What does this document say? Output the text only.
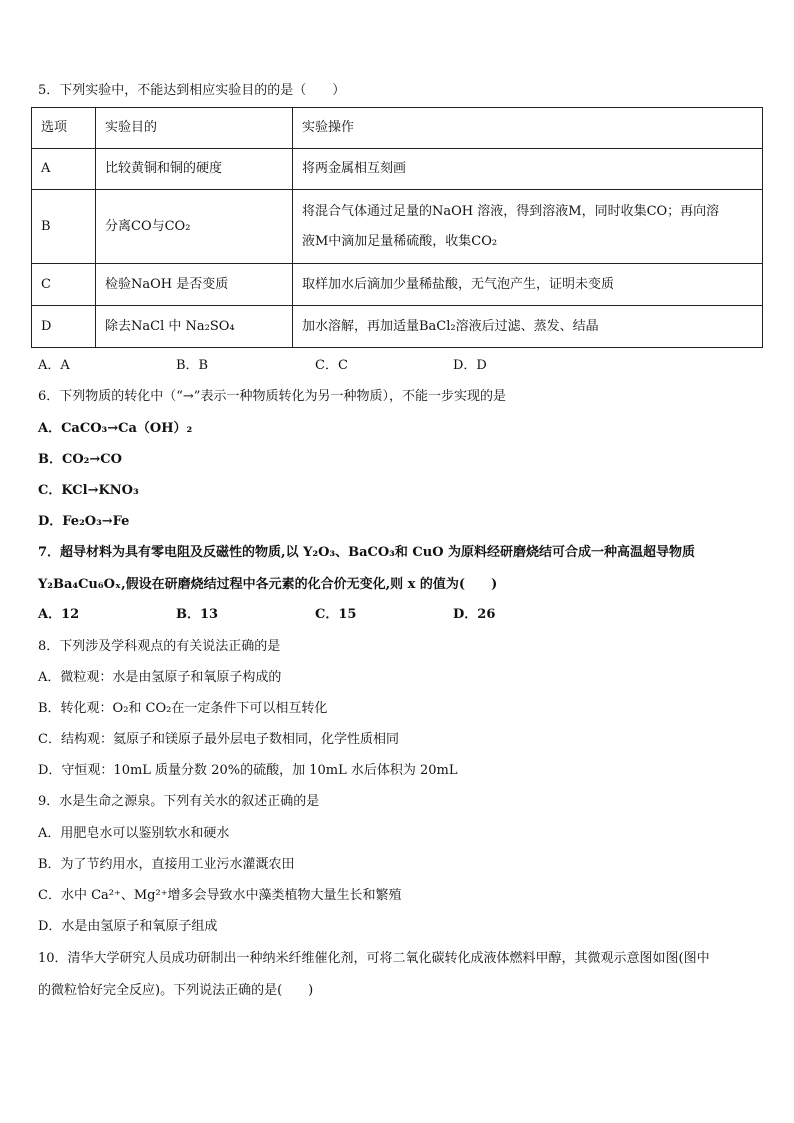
5．下列实验中，不能达到相应实验目的的是（　　）
选项	实验目的	实验操作
A	比较黄铜和铜的硬度	将两金属相互刻画
B	分离CO与CO₂	将混合气体通过足量的NaOH 溶液，得到溶液M，同时收集CO；再向溶
液M中滴加足量稀硫酸，收集CO₂

C	检验NaOH 是否变质	取样加水后滴加少量稀盐酸，无气泡产生，证明未变质
D	除去NaCl 中 Na₂SO₄	加水溶解，再加适量BaCl₂溶液后过滤、蒸发、结晶
A．A	B．B	C．C	D．D
6．下列物质的转化中（“→”表示一种物质转化为另一种物质），不能一步实现的是
A．CaCO₃→Ca（OH）₂
B．CO₂→CO
C．KCl→KNO₃
D．Fe₂O₃→Fe
7．超导材料为具有零电阻及反磁性的物质,以 Y₂O₃、BaCO₃和 CuO 为原料经研磨烧结可合成一种高温超导物质
Y₂Ba₄Cu₆Oₓ,假设在研磨烧结过程中各元素的化合价无变化,则 x 的值为(　　)
A．12	B．13	C．15	D．26
8．下列涉及学科观点的有关说法正确的是
A．微粒观：水是由氢原子和氧原子构成的
B．转化观：O₂和 CO₂在一定条件下可以相互转化
C．结构观：氦原子和镁原子最外层电子数相同，化学性质相同
D．守恒观：10mL 质量分数 20%的硫酸，加 10mL 水后体积为 20mL
9．水是生命之源泉。下列有关水的叙述正确的是
A．用肥皂水可以鉴别软水和硬水
B．为了节约用水，直接用工业污水灌溉农田
C．水中 Ca²⁺、Mg²⁺增多会导致水中藻类植物大量生长和繁殖
D．水是由氢原子和氧原子组成
10．清华大学研究人员成功研制出一种纳米纤维催化剂，可将二氧化碳转化成液体燃料甲醇，其微观示意图如图(图中
的微粒恰好完全反应)。下列说法正确的是(　　)
